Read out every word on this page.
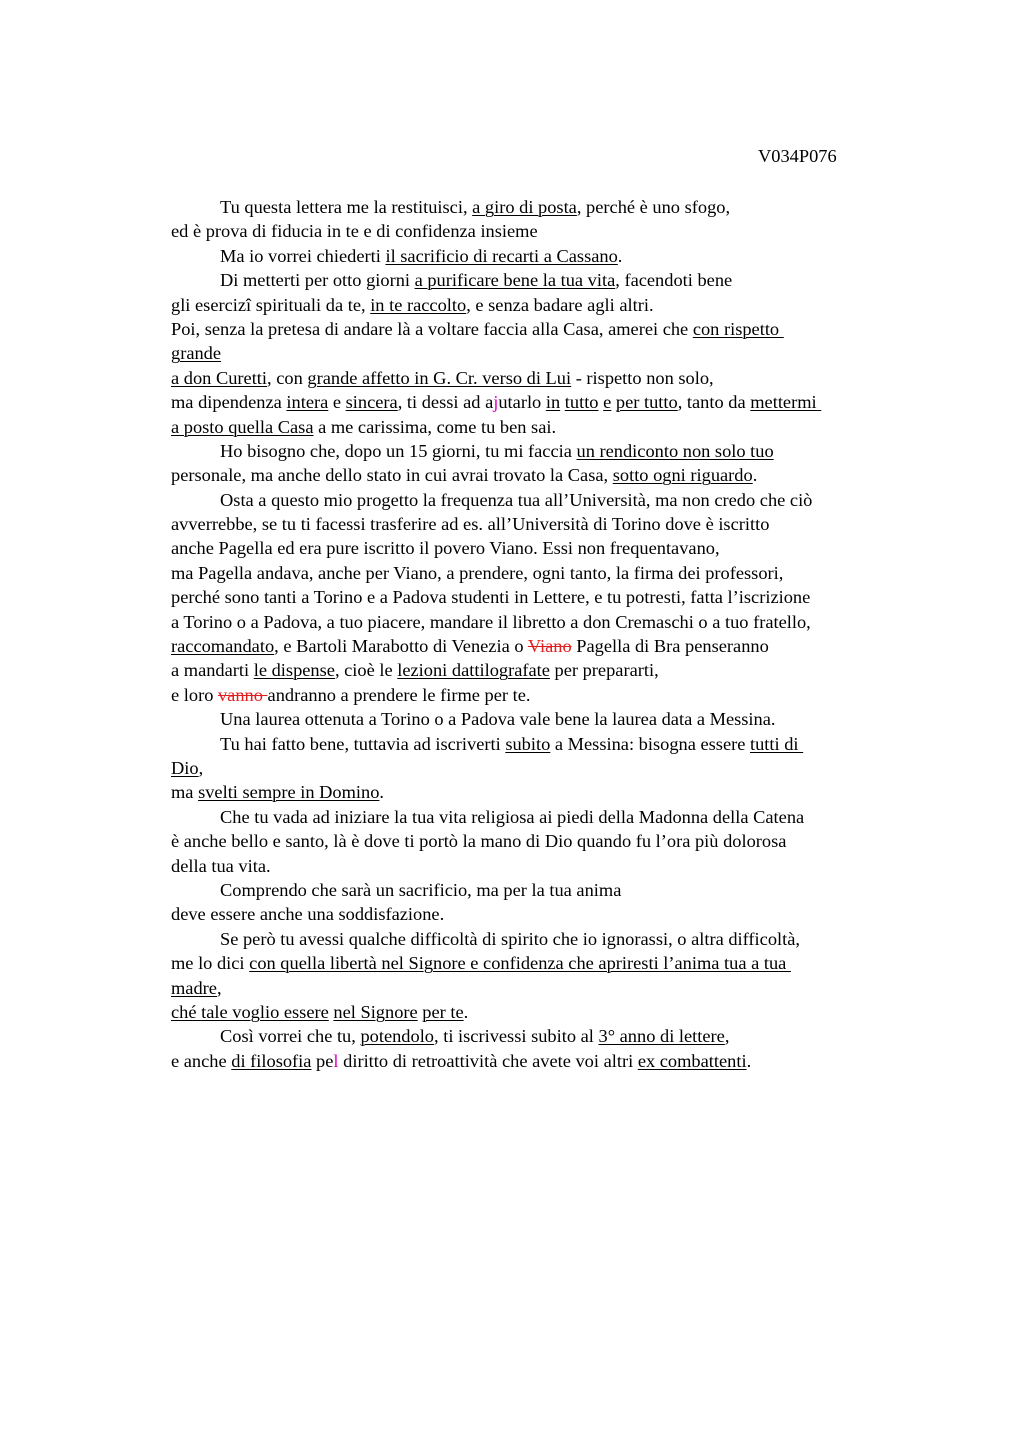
V034P076
Tu questa lettera me la restituisci, a giro di posta, perché è uno sfogo,
ed è prova di fiducia in te e di confidenza insieme
Ma io vorrei chiederti il sacrificio di recarti a Cassano.
Di metterti per otto giorni a purificare bene la tua vita, facendoti bene
gli esercizi spirituali da te, in te raccolto, e senza badare agli altri.
Poi, senza la pretesa di andare là a voltare faccia alla Casa, amerei che con rispetto
grande
a don Curetti, con grande affetto in G. Cr. verso di Lui - rispetto non solo,
ma dipendenza intera e sincera, ti dessi ad ajutarlo in tutto e per tutto, tanto da mettermi
a posto quella Casa a me carissima, come tu ben sai.
Ho bisogno che, dopo un 15 giorni, tu mi faccia un rendiconto non solo tuo
personale, ma anche dello stato in cui avrai trovato la Casa, sotto ogni riguardo.
Osta a questo mio progetto la frequenza tua all’Università, ma non credo che ciò
avverrebbe, se tu ti facessi trasferire ad es. all’Università di Torino dove è iscritto
anche Pagella ed era pure iscritto il povero Viano. Essi non frequentavano,
ma Pagella andava, anche per Viano, a prendere, ogni tanto, la firma dei professori,
perché sono tanti a Torino e a Padova studenti in Lettere, e tu potresti, fatta l’iscrizione
a Torino o a Padova, a tuo piacere, mandare il libretto a don Cremaschi o a tuo fratello,
raccomandato, e Bartoli Marabotto di Venezia o Viano Pagella di Bra penseranno
a mandarti le dispense, cioè le lezioni dattilografate per prepararti,
e loro vanno andranno a prendere le firme per te.
Una laurea ottenuta a Torino o a Padova vale bene la laurea data a Messina.
Tu hai fatto bene, tuttavia ad iscriverti subito a Messina: bisogna essere tutti di
Dio,
ma svelti sempre in Domino.
Che tu vada ad iniziare la tua vita religiosa ai piedi della Madonna della Catena
è anche bello e santo, là è dove ti portò la mano di Dio quando fu l’ora più dolorosa
della tua vita.
Comprendo che sarà un sacrificio, ma per la tua anima
deve essere anche una soddisfazione.
Se però tu avessi qualche difficoltà di spirito che io ignorassi, o altra difficoltà,
me lo dici con quella libertà nel Signore e confidenza che apriresti l’anima tua a tua
madre,
ché tale voglio essere nel Signore per te.
Così vorrei che tu, potendolo, ti iscrivessi subito al 3° anno di lettere,
e anche di filosofia pel diritto di retroattività che avete voi altri ex combattenti.
